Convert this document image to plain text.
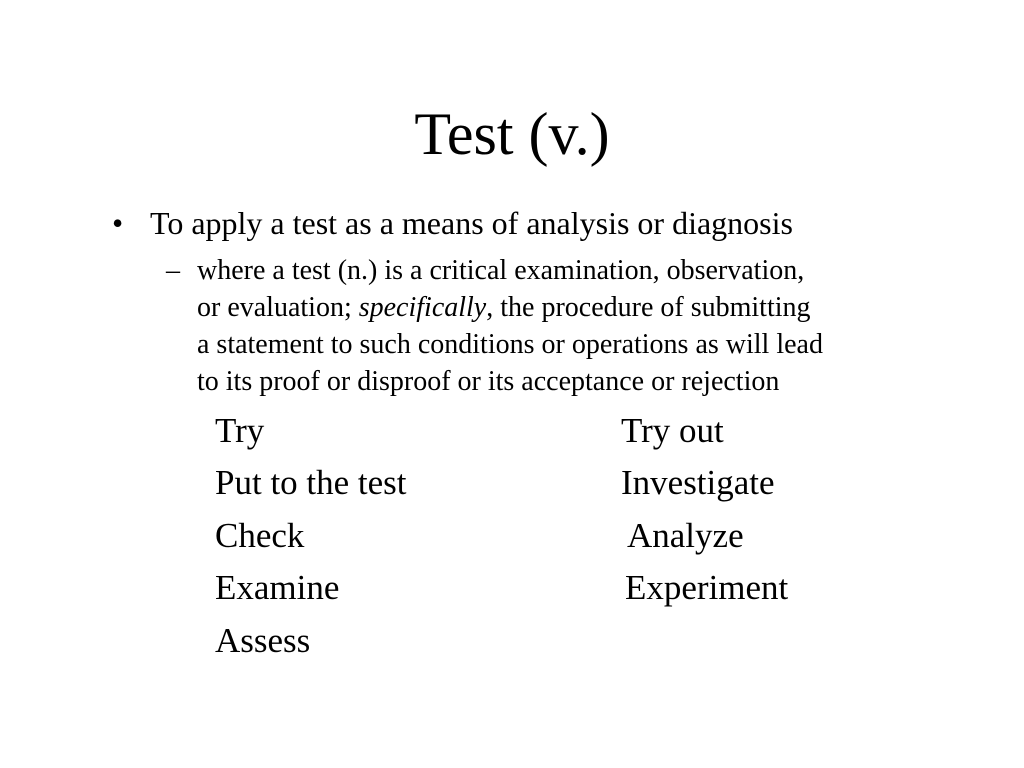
Test (v.)
• To apply a test as a means of analysis or diagnosis
– where a test (n.) is a critical examination, observation,
or evaluation; specifically, the procedure of submitting
a statement to such conditions or operations as will lead
to its proof or disproof or its acceptance or rejection
Try
Put to the test
Check
Examine
Assess
Try out
Investigate
Analyze
Experiment
